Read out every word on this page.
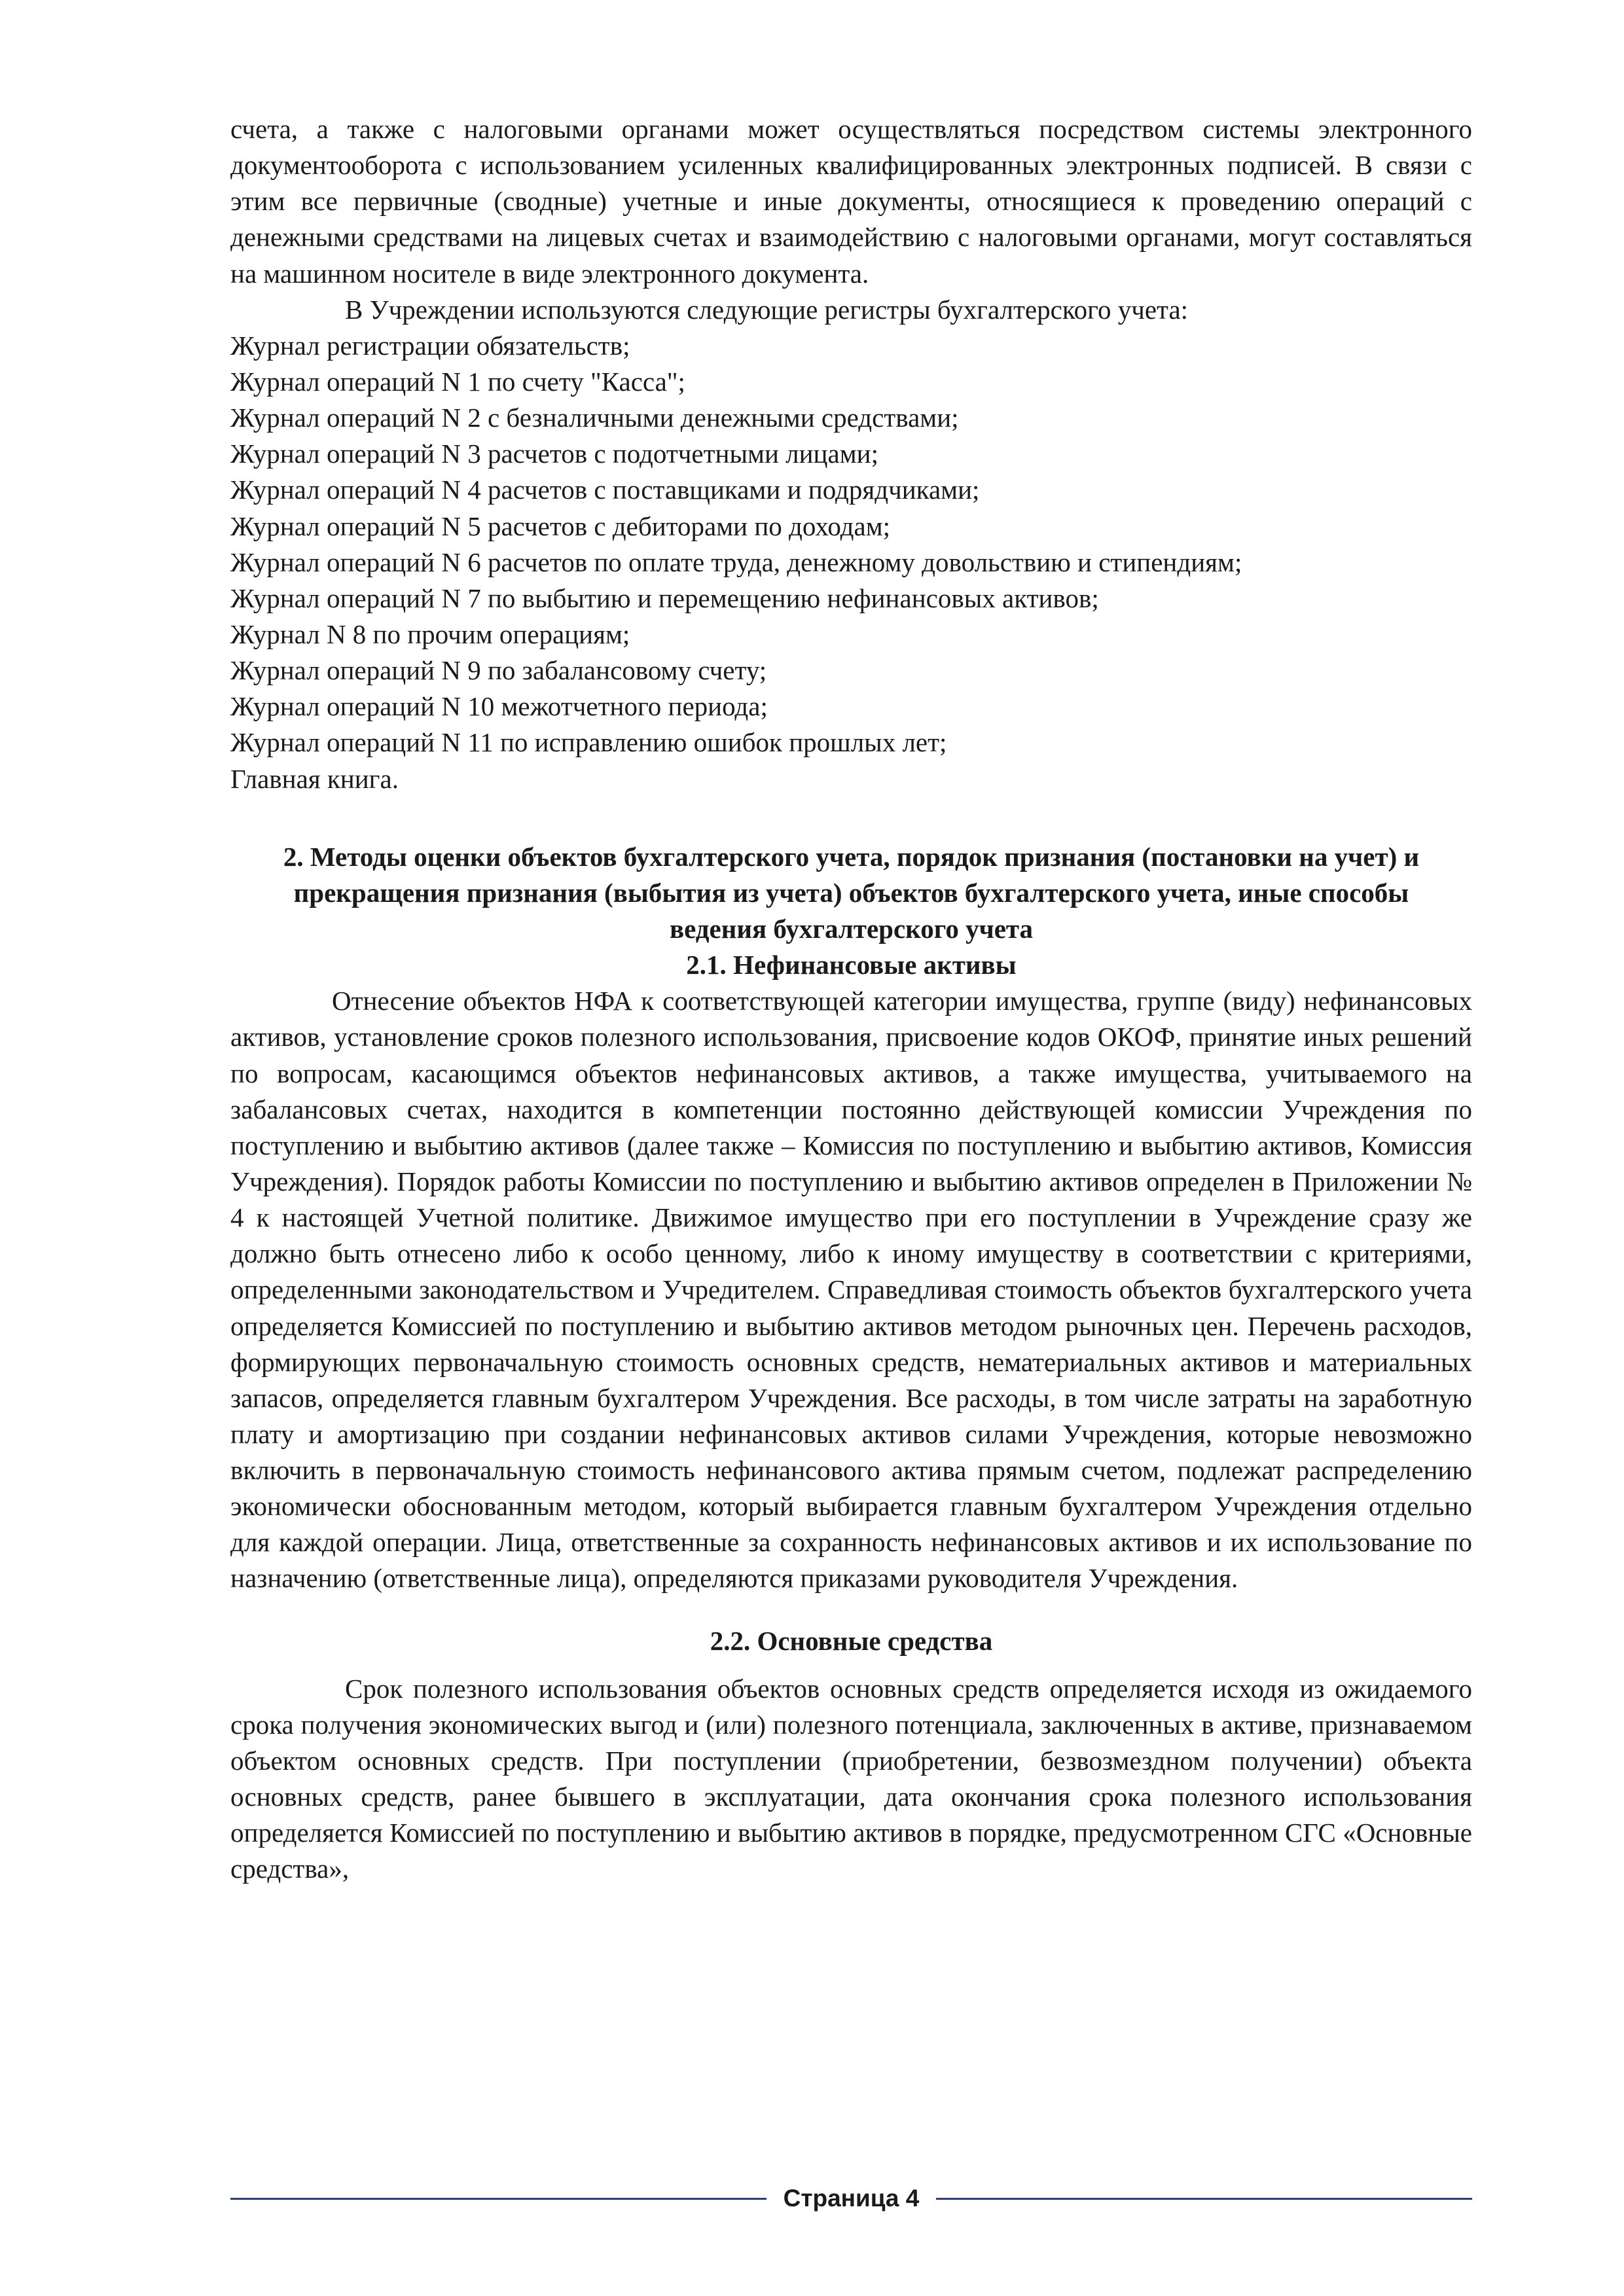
счета, а также с налоговыми органами может осуществляться посредством системы электронного документооборота с использованием усиленных квалифицированных электронных подписей. В связи с этим все первичные (сводные) учетные и иные документы, относящиеся к проведению операций с денежными средствами на лицевых счетах и взаимодействию с налоговыми органами, могут составляться на машинном носителе в виде электронного документа.

В Учреждении используются следующие регистры бухгалтерского учета:

Журнал регистрации обязательств;

Журнал операций N 1 по счету "Касса";

Журнал операций N 2 с безналичными денежными средствами;

Журнал операций N 3 расчетов с подотчетными лицами;

Журнал операций N 4 расчетов с поставщиками и подрядчиками;

Журнал операций N 5 расчетов с дебиторами по доходам;

Журнал операций N 6 расчетов по оплате труда, денежному довольствию и стипендиям;

Журнал операций N 7 по выбытию и перемещению нефинансовых активов;

Журнал N 8 по прочим операциям;

Журнал операций N 9 по забалансовому счету;

Журнал операций N 10 межотчетного периода;

Журнал операций N 11 по исправлению ошибок прошлых лет;

Главная книга.

2. Методы оценки объектов бухгалтерского учета, порядок признания (постановки на учет) и прекращения признания (выбытия из учета) объектов бухгалтерского учета, иные способы ведения бухгалтерского учета

2.1. Нефинансовые активы

Отнесение объектов НФА к соответствующей категории имущества, группе (виду) нефинансовых активов, установление сроков полезного использования, присвоение кодов ОКОФ, принятие иных решений по вопросам, касающимся объектов нефинансовых активов, а также имущества, учитываемого на забалансовых счетах, находится в компетенции постоянно действующей комиссии Учреждения по поступлению и выбытию активов (далее также – Комиссия по поступлению и выбытию активов, Комиссия Учреждения). Порядок работы Комиссии по поступлению и выбытию активов определен в Приложении № 4 к настоящей Учетной политике. Движимое имущество при его поступлении в Учреждение сразу же должно быть отнесено либо к особо ценному, либо к иному имуществу в соответствии с критериями, определенными законодательством и Учредителем. Справедливая стоимость объектов бухгалтерского учета определяется Комиссией по поступлению и выбытию активов методом рыночных цен. Перечень расходов, формирующих первоначальную стоимость основных средств, нематериальных активов и материальных запасов, определяется главным бухгалтером Учреждения. Все расходы, в том числе затраты на заработную плату и амортизацию при создании нефинансовых активов силами Учреждения, которые невозможно включить в первоначальную стоимость нефинансового актива прямым счетом, подлежат распределению экономически обоснованным методом, который выбирается главным бухгалтером Учреждения отдельно для каждой операции. Лица, ответственные за сохранность нефинансовых активов и их использование по назначению (ответственные лица), определяются приказами руководителя Учреждения.

2.2. Основные средства

Срок полезного использования объектов основных средств определяется исходя из ожидаемого срока получения экономических выгод и (или) полезного потенциала, заключенных в активе, признаваемом объектом основных средств. При поступлении (приобретении, безвозмездном получении) объекта основных средств, ранее бывшего в эксплуатации, дата окончания срока полезного использования определяется Комиссией по поступлению и выбытию активов в порядке, предусмотренном СГС «Основные средства»,

Страница 4
